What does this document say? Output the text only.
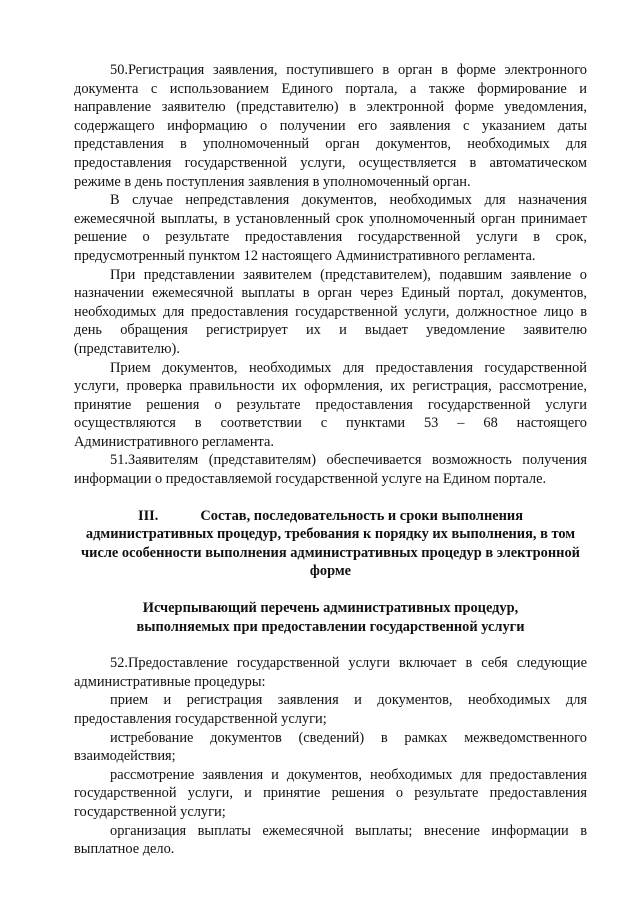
50.Регистрация заявления, поступившего в орган в форме электронного документа с использованием Единого портала, а также формирование и направление заявителю (представителю) в электронной форме уведомления, содержащего информацию о получении его заявления с указанием даты представления в уполномоченный орган документов, необходимых для предоставления государственной услуги, осуществляется в автоматическом режиме в день поступления заявления в уполномоченный орган.

В случае непредставления документов, необходимых для назначения ежемесячной выплаты, в установленный срок уполномоченный орган принимает решение о результате предоставления государственной услуги в срок, предусмотренный пунктом 12 настоящего Административного регламента.

При представлении заявителем (представителем), подавшим заявление о назначении ежемесячной выплаты в орган через Единый портал, документов, необходимых для предоставления государственной услуги, должностное лицо в день обращения регистрирует их и выдает уведомление заявителю (представителю).

Прием документов, необходимых для предоставления государственной услуги, проверка правильности их оформления, их регистрация, рассмотрение, принятие решения о результате предоставления государственной услуги осуществляются в соответствии с пунктами 53 – 68 настоящего Административного регламента.

51.Заявителям (представителям) обеспечивается возможность получения информации о предоставляемой государственной услуге на Едином портале.

III.	Состав, последовательность и сроки выполнения административных процедур, требования к порядку их выполнения, в том числе особенности выполнения административных процедур в электронной форме
Исчерпывающий перечень административных процедур,
выполняемых при предоставлении государственной услуги

52.Предоставление государственной услуги включает в себя следующие административные процедуры:

прием и регистрация заявления и документов, необходимых для предоставления государственной услуги;

истребование документов (сведений) в рамках межведомственного взаимодействия;

рассмотрение заявления и документов, необходимых для предоставления государственной услуги, и принятие решения о результате предоставления государственной услуги;

организация выплаты ежемесячной выплаты; внесение информации в выплатное дело.
